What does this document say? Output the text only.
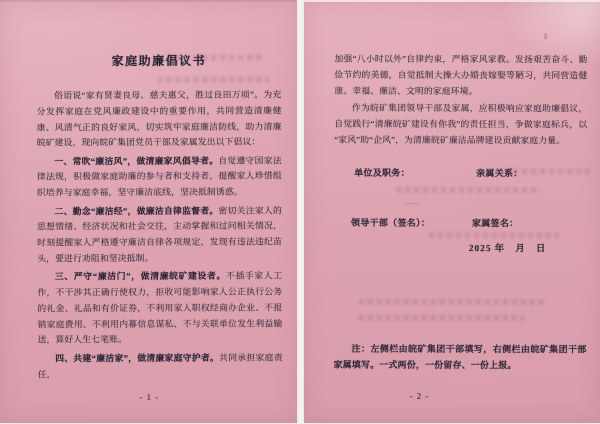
家庭助廉倡议书

俗语说“家有贤妻良母、慈夫惠父，胜过良田万顷”。为充分发挥家庭在党风廉政建设中的重要作用，共同营造清廉健康、风清气正的良好家风，切实筑牢家庭廉洁防线，助力清廉皖矿建设，现向皖矿集团党员干部及家属发出以下倡议：

一、常吹“廉洁风”，做清廉家风倡导者。自觉遵守国家法律法规，积极做家庭助廉的参与者和支持者，提醒家人珍惜组织培养与家庭幸福，坚守廉洁底线，坚决抵制诱惑。

二、勤念“廉洁经”，做廉洁自律监督者。密切关注家人的思想情绪、经济状况和社会交往，主动掌握和过问相关情况，时刻提醒家人严格遵守廉洁自律各项规定，发现有违法违纪苗头，要进行劝阻和坚决抵制。

三、严守“廉洁门”，做清廉皖矿建设者。不插手家人工作，不干涉其正确行使权力，拒收可能影响家人公正执行公务的礼金、礼品和有价证券，不利用家人职权经商办企业、不报销家庭费用、不利用内幕信息谋私、不与关联单位发生利益输送，算好人生七笔账。

四、共建“廉洁家”，做清廉家庭守护者。共同承担家庭责任，

- 1 -

加强“八小时以外”自律约束，严格家风家教。发扬艰苦奋斗、勤俭节约的美德，自觉抵制大操大办婚丧嫁娶等陋习，共同营造健康、幸福、廉洁、文明的家庭环境。

作为皖矿集团领导干部及家属，应积极响应家庭助廉倡议，自觉践行“清廉皖矿建设有你我”的责任担当，争做家庭标兵，以“家风”助“企风”，为清廉皖矿廉洁品牌建设贡献家庭力量。

单位及职务：	亲属关系：
领导干部（签名）：	家属签名：
2025 年　月　日

注：左侧栏由皖矿集团干部填写，右侧栏由皖矿集团干部家属填写。一式两份，一份留存、一份上报。

- 2 -
